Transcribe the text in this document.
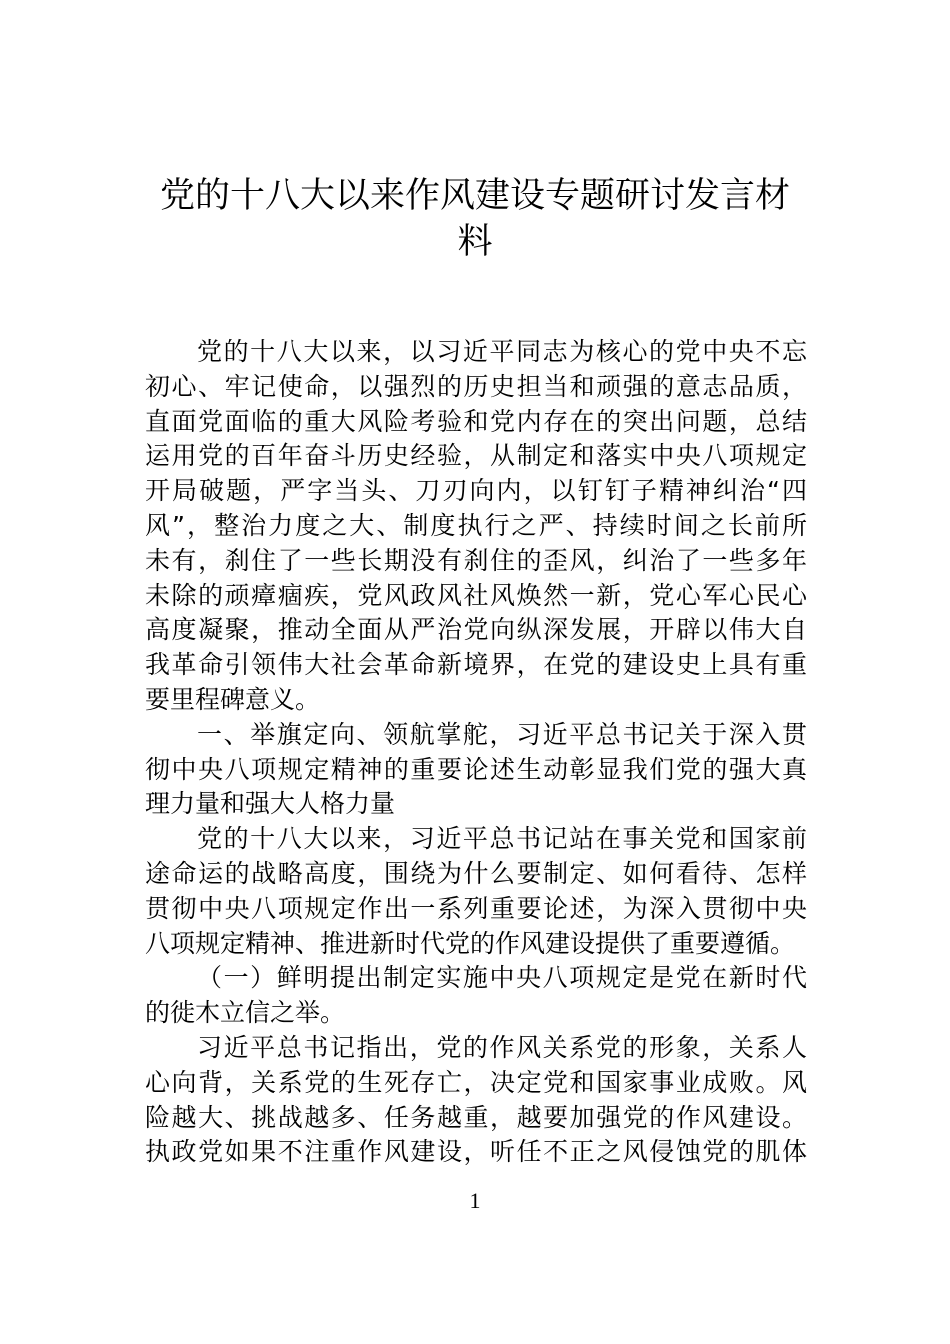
党的十八大以来作风建设专题研讨发言材
料
党的十八大以来，以习近平同志为核心的党中央不忘
初心、牢记使命，以强烈的历史担当和顽强的意志品质，
直面党面临的重大风险考验和党内存在的突出问题，总结
运用党的百年奋斗历史经验，从制定和落实中央八项规定
开局破题，严字当头、刀刃向内，以钉钉子精神纠治“四
风”，整治力度之大、制度执行之严、持续时间之长前所
未有，刹住了一些长期没有刹住的歪风，纠治了一些多年
未除的顽瘴痼疾，党风政风社风焕然一新，党心军心民心
高度凝聚，推动全面从严治党向纵深发展，开辟以伟大自
我革命引领伟大社会革命新境界，在党的建设史上具有重
要里程碑意义。
一、举旗定向、领航掌舵，习近平总书记关于深入贯
彻中央八项规定精神的重要论述生动彰显我们党的强大真
理力量和强大人格力量
党的十八大以来，习近平总书记站在事关党和国家前
途命运的战略高度，围绕为什么要制定、如何看待、怎样
贯彻中央八项规定作出一系列重要论述，为深入贯彻中央
八项规定精神、推进新时代党的作风建设提供了重要遵循。
（一）鲜明提出制定实施中央八项规定是党在新时代
的徙木立信之举。
习近平总书记指出，党的作风关系党的形象，关系人
心向背，关系党的生死存亡，决定党和国家事业成败。风
险越大、挑战越多、任务越重，越要加强党的作风建设。
执政党如果不注重作风建设，听任不正之风侵蚀党的肌体
1
